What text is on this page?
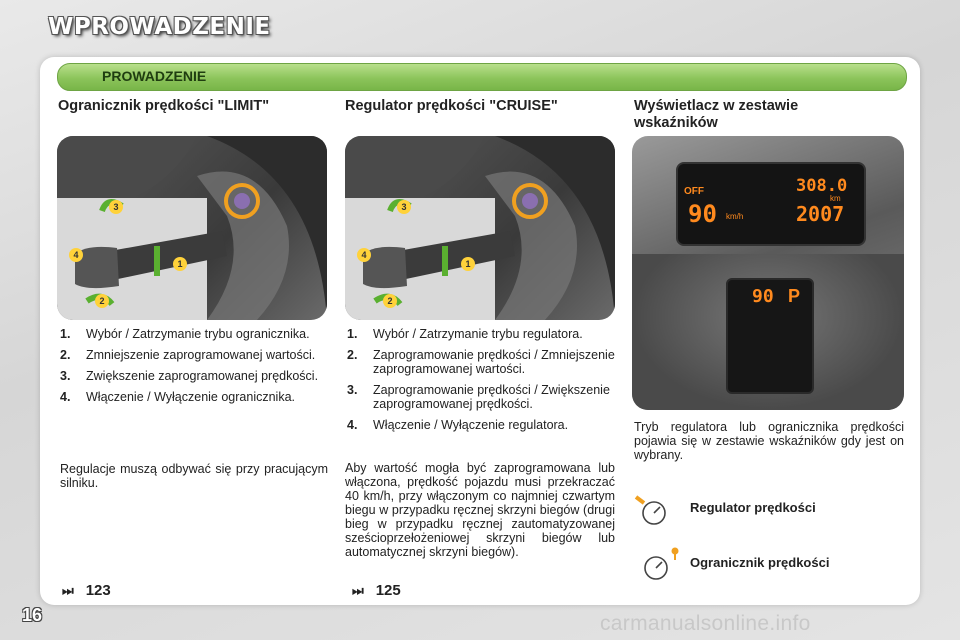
WPROWADZENIE
PROWADZENIE
Ogranicznik prędkości "LIMIT"
3
4
1
2
1.	Wybór / Zatrzymanie trybu ogranicznika.
2.	Zmniejszenie zaprogramowanej wartości.
3.	Zwiększenie zaprogramowanej prędkości.
4.	Włączenie / Wyłączenie ogranicznika.
Regulacje muszą odbywać się przy pracującym silniku.
⏭ 123
Regulator prędkości "CRUISE"
3
4
1
2
1.	Wybór / Zatrzymanie trybu regulatora.
2.	Zaprogramowanie prędkości / Zmniejszenie zaprogramowanej wartości.
3.	Zaprogramowanie prędkości / Zwiększenie zaprogramowanej prędkości.
4.	Włączenie / Wyłączenie regulatora.
Aby wartość mogła być zaprogramowana lub włączona, prędkość pojazdu musi przekraczać 40 km/h, przy włączonym co najmniej czwartym biegu w przypadku ręcznej skrzyni biegów (drugi bieg w przypadku ręcznej zautomatyzowanej sześcioprzełożeniowej skrzyni biegów lub automatycznej skrzyni biegów).
⏭ 125
Wyświetlacz w zestawie wskaźników
OFF
90 km/h
308.0
km
2007
90 P
Tryb regulatora lub ogranicznika prędkości pojawia się w zestawie wskaźników gdy jest on wybrany.
Regulator prędkości
Ogranicznik prędkości
16	carmanualsonline.info
